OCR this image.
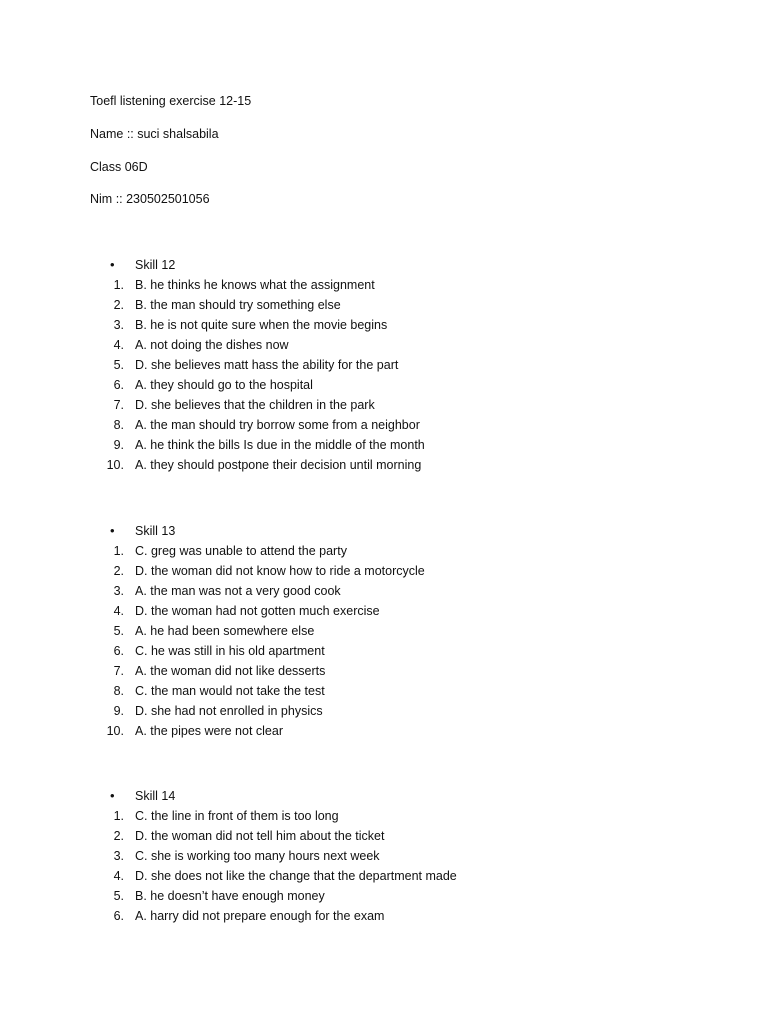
Toefl listening exercise 12-15
Name :: suci shalsabila
Class 06D
Nim :: 230502501056
• Skill 12
1. B. he thinks he knows what the assignment
2. B. the man should try something else
3. B. he is not quite sure when the movie begins
4. A. not doing the dishes now
5. D. she believes matt hass the ability for the part
6. A. they should go to the hospital
7. D. she believes that the children in the park
8. A. the man should try borrow some from a neighbor
9. A. he think the bills Is due in the middle of the month
10. A. they should postpone their decision until morning
• Skill 13
1. C. greg was unable to attend the party
2. D. the woman did not know how to ride a motorcycle
3. A. the man was not a very good cook
4. D. the woman had not gotten much exercise
5. A. he had been somewhere else
6. C. he was still in his old apartment
7. A. the woman did not like desserts
8. C. the man would not take the test
9. D. she had not enrolled in physics
10. A. the pipes were not clear
• Skill 14
1. C. the line in front of them is too long
2. D. the woman did not tell him about the ticket
3. C. she is working too many hours next week
4. D. she does not like the change that the department made
5. B. he doesn’t have enough money
6. A. harry did not prepare enough for the exam
